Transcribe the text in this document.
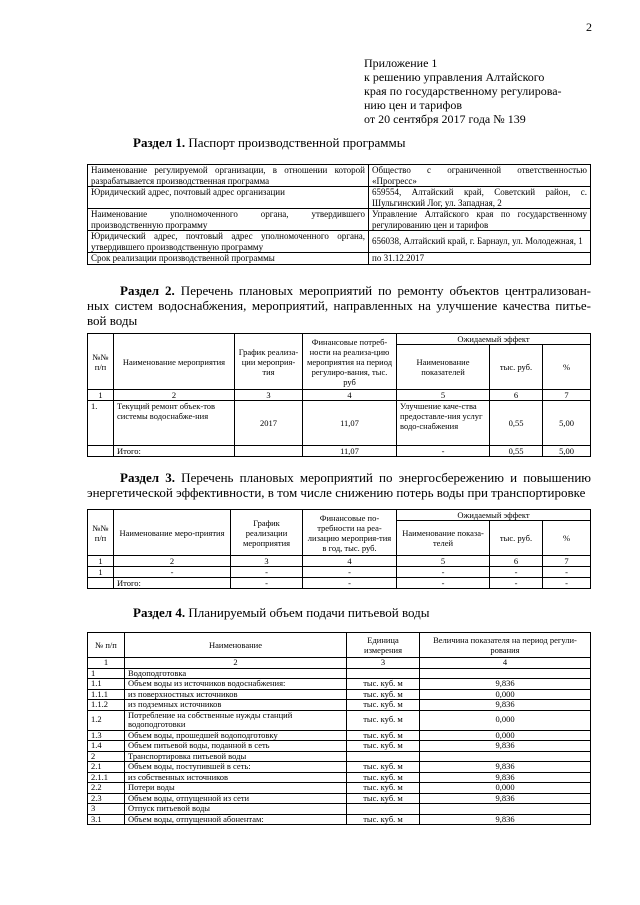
2
Приложение 1
к решению управления Алтайского
края по государственному регулирова-
нию цен и тарифов
от 20 сентября 2017 года № 139
Раздел 1. Паспорт производственной программы
Наименование регулируемой организации, в отношении которой разрабатывается производственная программа	Общество с ограниченной ответственностью «Прогресс»
Юридический адрес, почтовый адрес организации	659554, Алтайский край, Советский район, с. Шульгинский Лог, ул. Западная, 2
Наименование уполномоченного органа, утвердившего производственную программу	Управление Алтайского края по государственному регулированию цен и тарифов
Юридический адрес, почтовый адрес уполномоченного органа, утвердившего производственную программу	656038, Алтайский край, г. Барнаул, ул. Молодежная, 1
Срок реализации производственной программы	по 31.12.2017
Раздел 2. Перечень плановых мероприятий по ремонту объектов централизован-ных систем водоснабжения, мероприятий, направленных на улучшение качества питье-вой воды
№№ п/п	Наименование мероприятия	График реализа-ции мероприя-тия	Финансовые потреб-ности на реализа-цию мероприятия на период регулиро-вания, тыс. руб	Ожидаемый эффект		
				Наименование показателей	тыс. руб.	%
1	2	3	4	5	6	7
1.	Текущий ремонт объек-тов системы водоснабже-ния	2017	11,07	Улучшение каче-ства предоставле-ния услуг водо-снабжения	0,55	5,00
	Итого:		11,07	-	0,55	5,00
Раздел 3. Перечень плановых мероприятий по энергосбережению и повышению энергетической эффективности, в том числе снижению потерь воды при транспортировке
№№ п/п	Наименование меро-приятия	График реализации мероприятия	Финансовые по-требности на реа-лизацию мероприя-тия в год, тыс. руб.	Ожидаемый эффект		
				Наименование показа-телей	тыс. руб.	%
1	2	3	4	5	6	7
1	-	-	-	-	-	-
	Итого:	-	-	-	-	-
Раздел 4. Планируемый объем подачи питьевой воды
№ п/п	Наименование	Единица измерения	Величина показателя на период регули-рования
1	2	3	4
1	Водоподготовка		
1.1	Объем воды из источников водоснабжения:	тыс. куб. м	9,836
1.1.1	из поверхностных источников	тыс. куб. м	0,000
1.1.2	из подземных источников	тыс. куб. м	9,836
1.2	Потребление на собственные нужды станций водоподготовки	тыс. куб. м	0,000
1.3	Объем воды, прошедшей водоподготовку	тыс. куб. м	0,000
1.4	Объем питьевой воды, поданной в сеть	тыс. куб. м	9,836
2	Транспортировка питьевой воды		
2.1	Объем воды, поступившей в сеть:	тыс. куб. м	9,836
2.1.1	из собственных источников	тыс. куб. м	9,836
2.2	Потери воды	тыс. куб. м	0,000
2.3	Объем воды, отпущенной из сети	тыс. куб. м	9,836
3	Отпуск питьевой воды		
3.1	Объем воды, отпущенной абонентам:	тыс. куб. м	9,836
